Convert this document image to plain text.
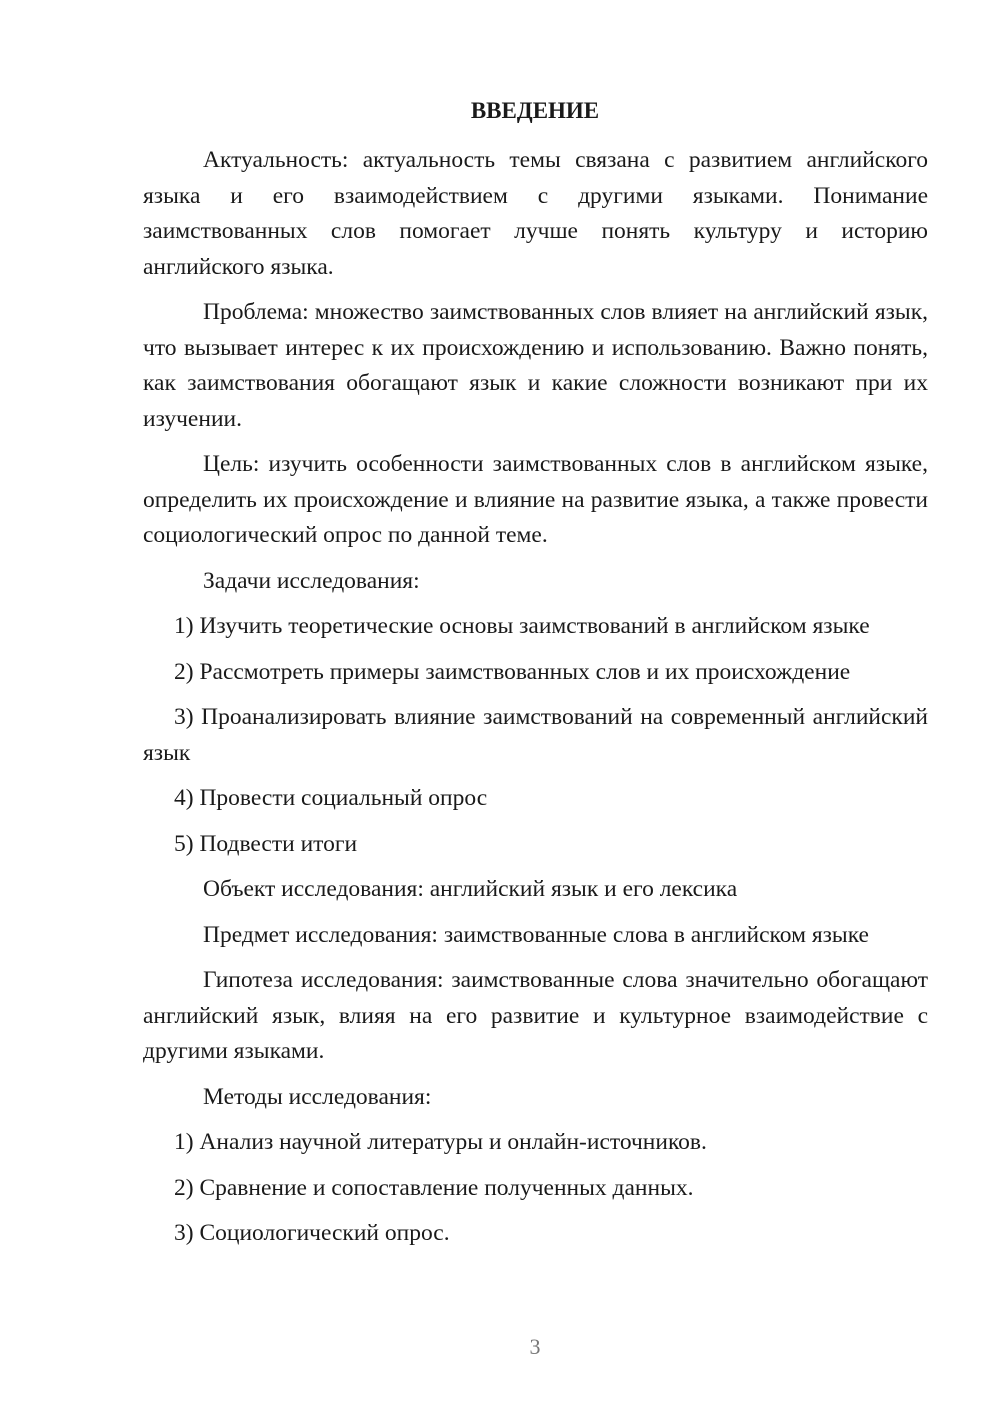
ВВЕДЕНИЕ

Актуальность: актуальность темы связана с развитием английского языка и его взаимодействием с другими языками. Понимание заимствованных слов помогает лучше понять культуру и историю английского языка.

Проблема: множество заимствованных слов влияет на английский язык, что вызывает интерес к их происхождению и использованию. Важно понять, как заимствования обогащают язык и какие сложности возникают при их изучении.

Цель: изучить особенности заимствованных слов в английском языке, определить их происхождение и влияние на развитие языка, а также провести социологический опрос по данной теме.

Задачи исследования:

1) Изучить теоретические основы заимствований в английском языке

2) Рассмотреть примеры заимствованных слов и их происхождение

3) Проанализировать влияние заимствований на современный английский язык

4) Провести социальный опрос

5) Подвести итоги

Объект исследования: английский язык и его лексика

Предмет исследования: заимствованные слова в английском языке

Гипотеза исследования: заимствованные слова значительно обогащают английский язык, влияя на его развитие и культурное взаимодействие с другими языками.

Методы исследования:

1) Анализ научной литературы и онлайн-источников.

2) Сравнение и сопоставление полученных данных.

3) Социологический опрос.

3
